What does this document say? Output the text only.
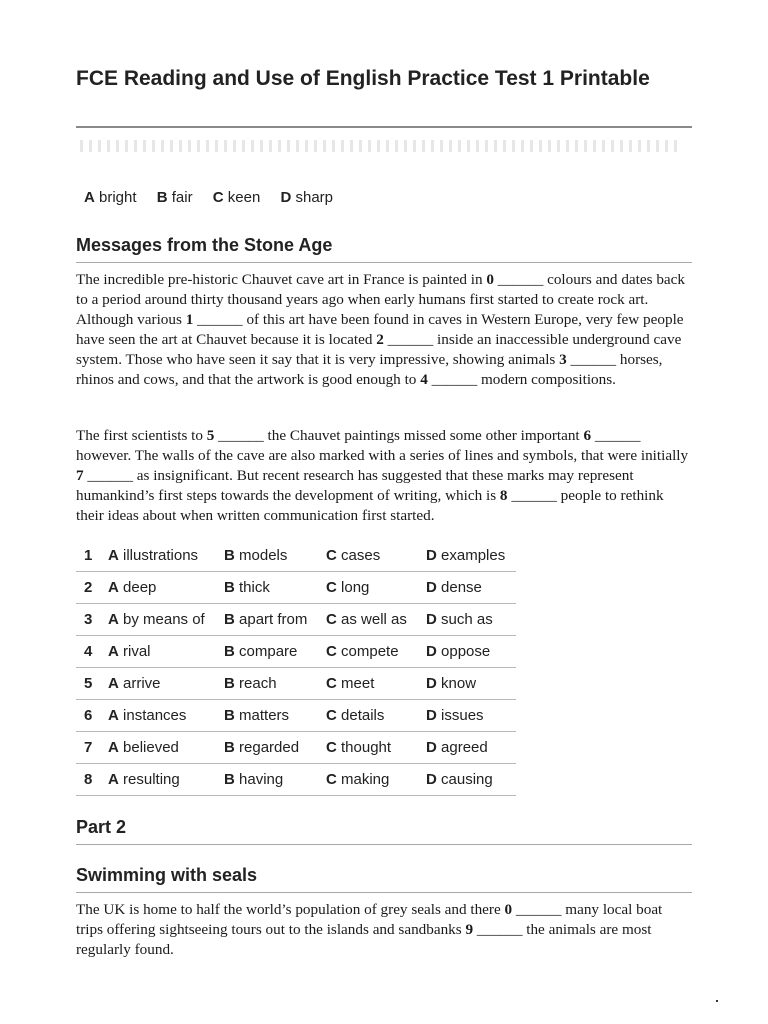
FCE Reading and Use of English Practice Test 1 Printable
A bright B fair C keen D sharp
Messages from the Stone Age

The incredible pre-historic Chauvet cave art in France is painted in 0 ______ colours and dates back to a period around thirty thousand years ago when early humans first started to create rock art. Although various 1 ______ of this art have been found in caves in Western Europe, very few people have seen the art at Chauvet because it is located 2 ______ inside an inaccessible underground cave system. Those who have seen it say that it is very impressive, showing animals 3 ______ horses, rhinos and cows, and that the artwork is good enough to 4 ______ modern compositions.

The first scientists to 5 ______ the Chauvet paintings missed some other important 6 ______ however. The walls of the cave are also marked with a series of lines and symbols, that were initially 7 ______ as insignificant. But recent research has suggested that these marks may represent humankind’s first steps towards the development of writing, which is 8 ______ people to rethink their ideas about when written communication first started.

1	A illustrations	B models	C cases	D examples
2	A deep	B thick	C long	D dense
3	A by means of	B apart from	C as well as	D such as
4	A rival	B compare	C compete	D oppose
5	A arrive	B reach	C meet	D know
6	A instances	B matters	C details	D issues
7	A believed	B regarded	C thought	D agreed
8	A resulting	B having	C making	D causing
Part 2
Swimming with seals

The UK is home to half the world’s population of grey seals and there 0 ______ many local boat trips offering sightseeing tours out to the islands and sandbanks 9 ______ the animals are most regularly found.
